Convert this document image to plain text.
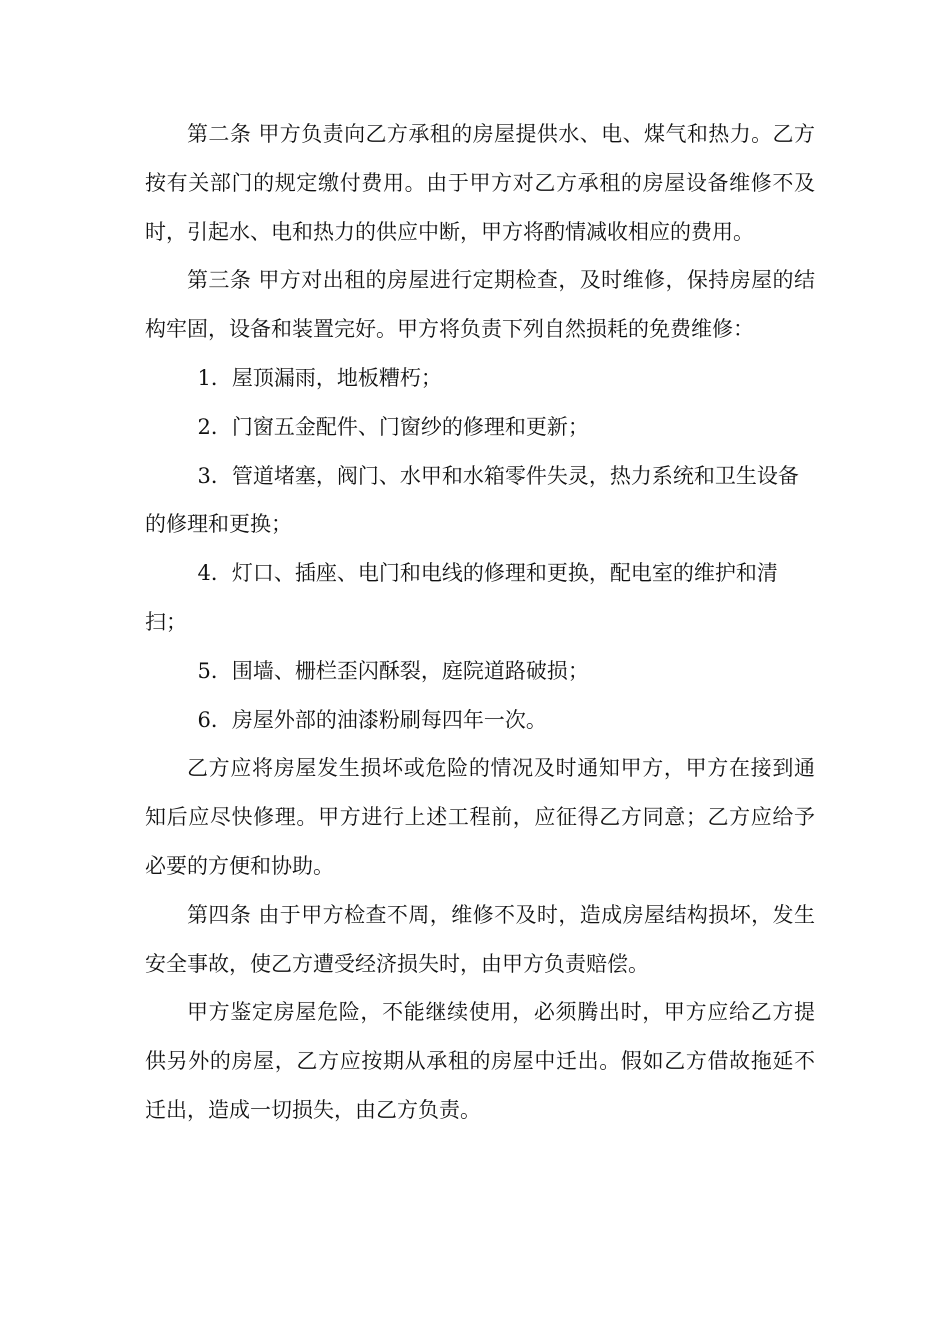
第二条 甲方负责向乙方承租的房屋提供水、电、煤气和热力。乙方按有关部门的规定缴付费用。由于甲方对乙方承租的房屋设备维修不及时，引起水、电和热力的供应中断，甲方将酌情减收相应的费用。

第三条 甲方对出租的房屋进行定期检查，及时维修，保持房屋的结构牢固，设备和装置完好。甲方将负责下列自然损耗的免费维修：

1．屋顶漏雨，地板糟朽；

2．门窗五金配件、门窗纱的修理和更新；

3．管道堵塞，阀门、水甲和水箱零件失灵，热力系统和卫生设备的修理和更换；

4．灯口、插座、电门和电线的修理和更换，配电室的维护和清扫；

5．围墙、栅栏歪闪酥裂，庭院道路破损；

6．房屋外部的油漆粉刷每四年一次。

乙方应将房屋发生损坏或危险的情况及时通知甲方，甲方在接到通知后应尽快修理。甲方进行上述工程前，应征得乙方同意；乙方应给予必要的方便和协助。

第四条 由于甲方检查不周，维修不及时，造成房屋结构损坏，发生安全事故，使乙方遭受经济损失时，由甲方负责赔偿。

甲方鉴定房屋危险，不能继续使用，必须腾出时，甲方应给乙方提供另外的房屋，乙方应按期从承租的房屋中迁出。假如乙方借故拖延不迁出，造成一切损失，由乙方负责。
